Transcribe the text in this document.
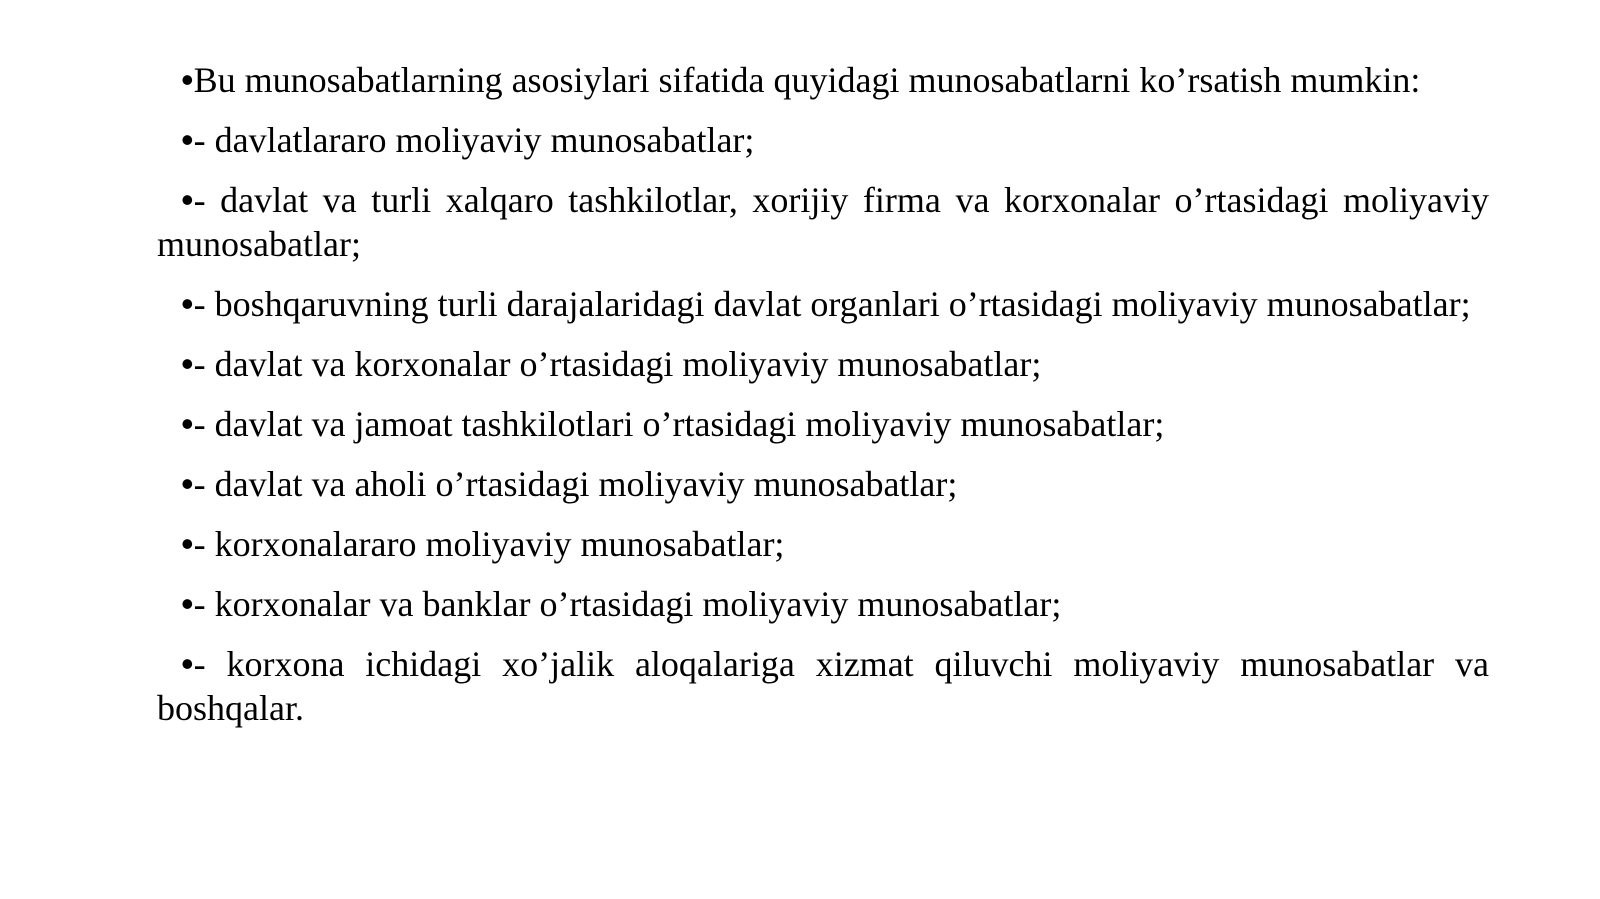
•Bu munosabatlarning asosiylari sifatida quyidagi munosabatlarni ko’rsatish mumkin:

•- davlatlararo moliyaviy munosabatlar;

•- davlat va turli xalqaro tashkilotlar, xorijiy firma va korxonalar o’rtasidagi moliyaviy munosabatlar;

•- boshqaruvning turli darajalaridagi davlat organlari o’rtasidagi moliyaviy munosabatlar;

•- davlat va korxonalar o’rtasidagi moliyaviy munosabatlar;

•- davlat va jamoat tashkilotlari o’rtasidagi moliyaviy munosabatlar;

•- davlat va aholi o’rtasidagi moliyaviy munosabatlar;

•- korxonalararo moliyaviy munosabatlar;

•- korxonalar va banklar o’rtasidagi moliyaviy munosabatlar;

•- korxona ichidagi xo’jalik aloqalariga xizmat qiluvchi moliyaviy munosabatlar va boshqalar.
